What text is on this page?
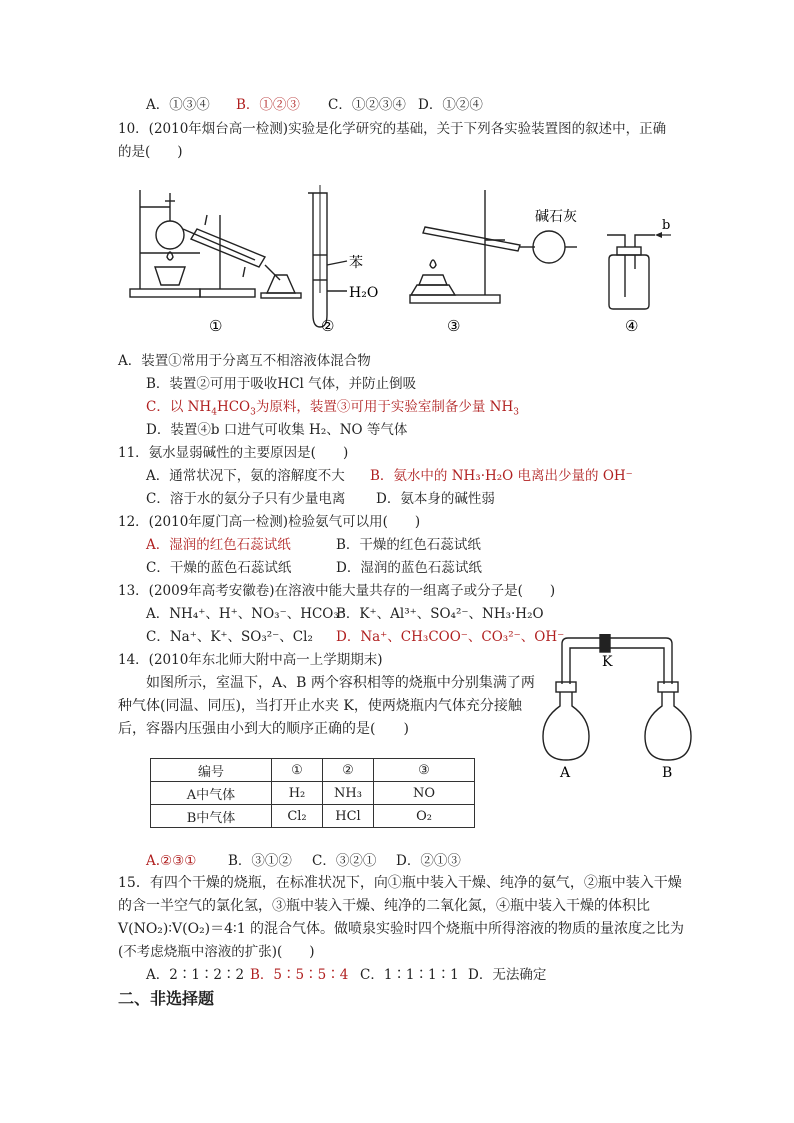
A．①③④ B．①②③ C．①②③④ D．①②④
10．(2010年烟台高一检测)实验是化学研究的基础，关于下列各实验装置图的叙述中，正确
的是(　　)
①	②	③	④
苯
H₂O
碱石灰
b
A．装置①常用于分离互不相溶液体混合物
B．装置②可用于吸收HCl 气体，并防止倒吸
C．以 $NH_4HCO_3$为原料，装置③可用于实验室制备少量 $NH_3$
D．装置④b 口进气可收集 H₂、NO 等气体
11．氨水显弱碱性的主要原因是(　　)
A．通常状况下，氨的溶解度不大 B．氨水中的 NH₃·H₂O 电离出少量的 OH⁻
C．溶于水的氨分子只有少量电离 D．氨本身的碱性弱
12．(2010年厦门高一检测)检验氨气可以用(　　)
A．湿润的红色石蕊试纸	B．干燥的红色石蕊试纸
C．干燥的蓝色石蕊试纸	D．湿润的蓝色石蕊试纸
13．(2009年高考安徽卷)在溶液中能大量共存的一组离子或分子是(　　)
A．NH₄⁺、H⁺、NO₃⁻、HCO₃⁻
B．K⁺、Al³⁺、SO₄²⁻、NH₃·H₂O
C．Na⁺、K⁺、SO₃²⁻、Cl₂ D．Na⁺、CH₃COO⁻、CO₃²⁻、OH⁻
14．(2010年东北师大附中高一上学期期末)
如图所示，室温下，A、B 两个容积相等的烧瓶中分别集满了两
种气体(同温、同压)，当打开止水夹 K，使两烧瓶内气体充分接触
后，容器内压强由小到大的顺序正确的是(　　)
K
A	B
编号	①	②	③
A中气体	H₂	NH₃	NO
B中气体	Cl₂	HCl	O₂
A.②③① B．③①② C．③②① D．②①③
15．有四个干燥的烧瓶，在标准状况下，向①瓶中装入干燥、纯净的氨气，②瓶中装入干燥
的含一半空气的氯化氢，③瓶中装入干燥、纯净的二氧化氮，④瓶中装入干燥的体积比
V(NO₂)∶V(O₂)＝4∶1 的混合气体。做喷泉实验时四个烧瓶中所得溶液的物质的量浓度之比为
(不考虑烧瓶中溶液的扩张)(　　)
A．2∶1∶2∶2 B．5∶5∶5∶4 C．1∶1∶1∶1 D．无法确定
二、非选择题
